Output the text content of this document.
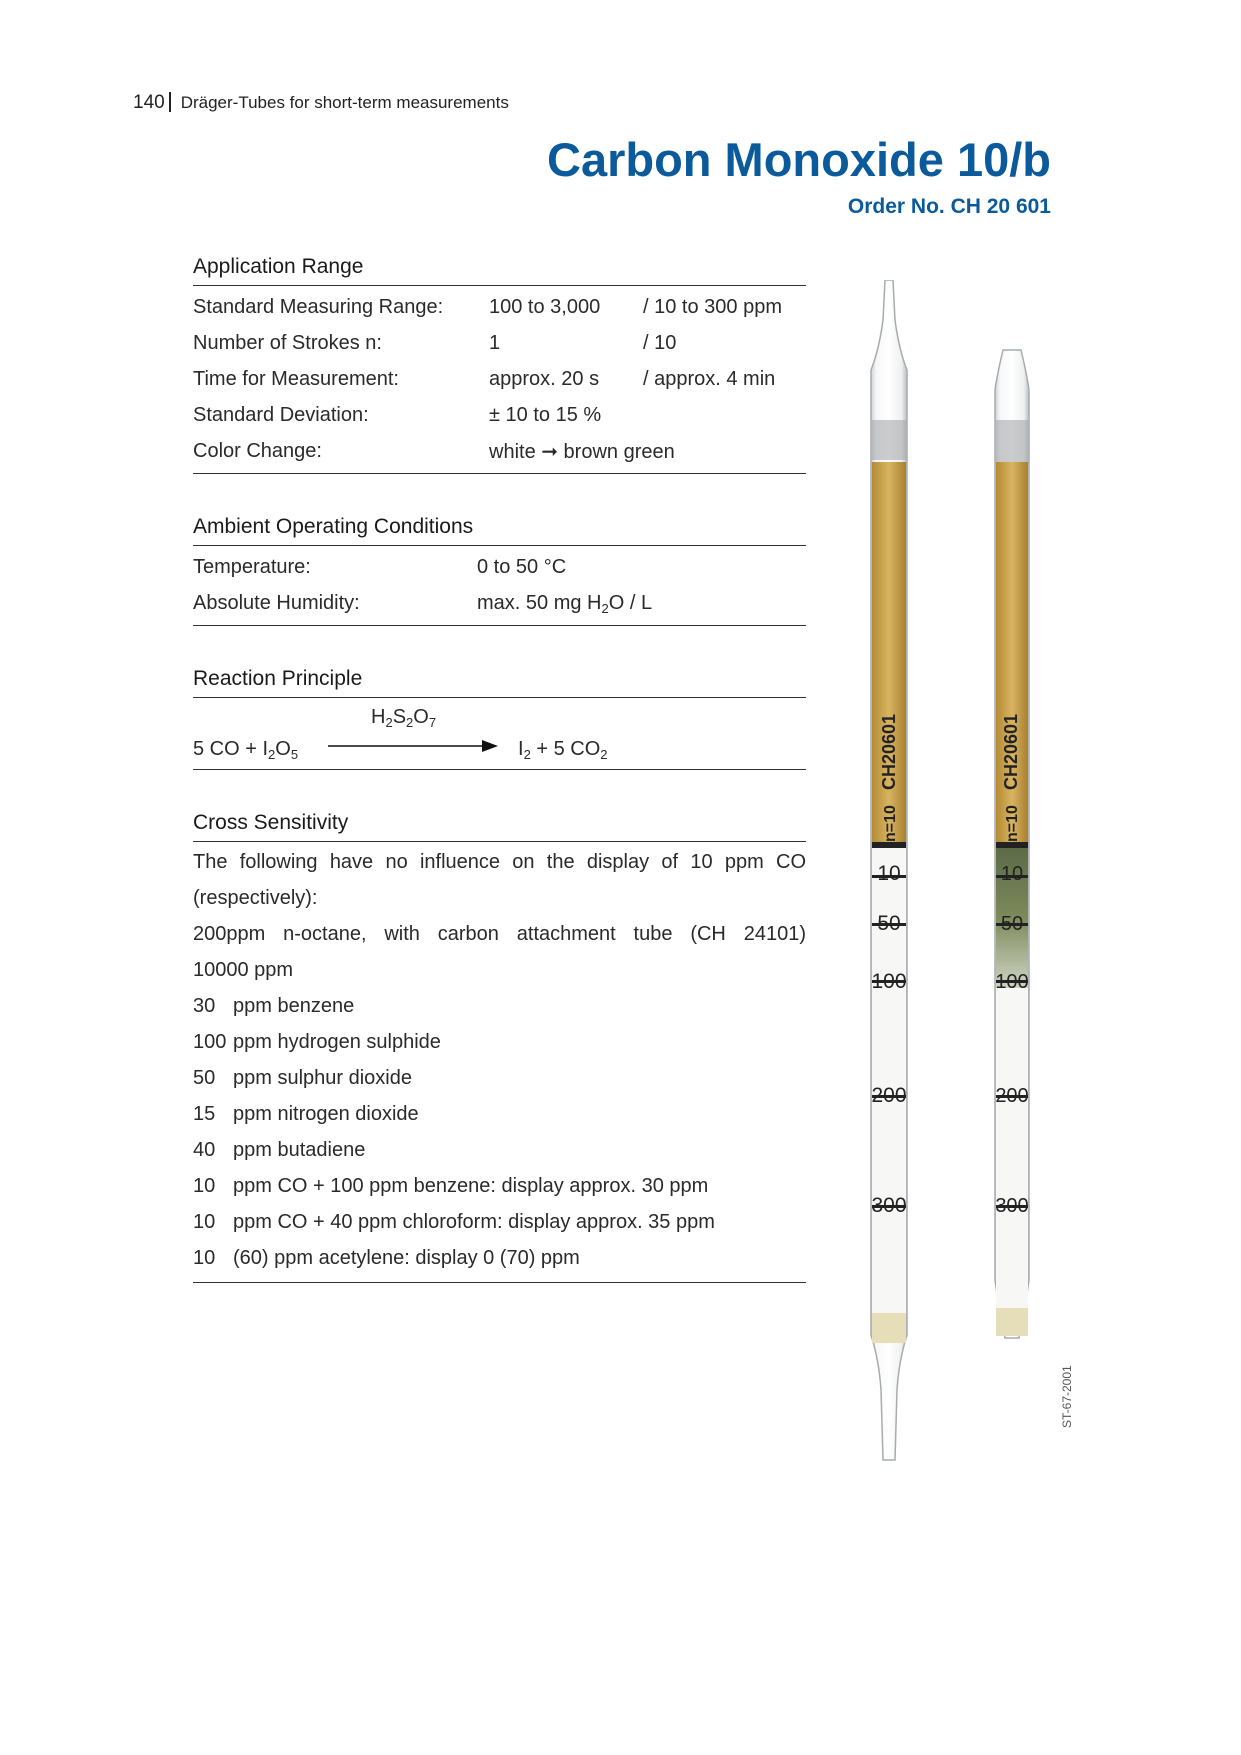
140 Dräger-Tubes for short-term measurements
Carbon Monoxide 10/b
Order No. CH 20 601
Application Range
Standard Measuring Range:	100 to 3,000	/ 10 to 300 ppm
Number of Strokes n:	1	/ 10
Time for Measurement:	approx. 20 s	/ approx. 4 min
Standard Deviation:	± 10 to 15 %
Color Change:	white ➞ brown green
Ambient Operating Conditions
Temperature:	0 to 50 °C
Absolute Humidity:	max. 50 mg $H_2O$ / L
Reaction Principle
$H_2S_2O_7$
5 CO + $I_2O_5$	$I_2 + 5$ $CO_2$
Cross Sensitivity
The following have no influence on the display of 10 ppm CO
(respectively):
200ppm n-octane, with carbon attachment tube (CH 24101)
10000 ppm
30 ppm benzene
100 ppm hydrogen sulphide
50 ppm sulphur dioxide
15 ppm nitrogen dioxide
40 ppm butadiene
10 ppm CO + 100 ppm benzene: display approx. 30 ppm
10 ppm CO + 40 ppm chloroform: display approx. 35 ppm
10 (60) ppm acetylene: display 0 (70) ppm
10
50
100
200
300
CH20601
n=10
10
50
100
200
300
CH20601
n=10
ST-67-2001
